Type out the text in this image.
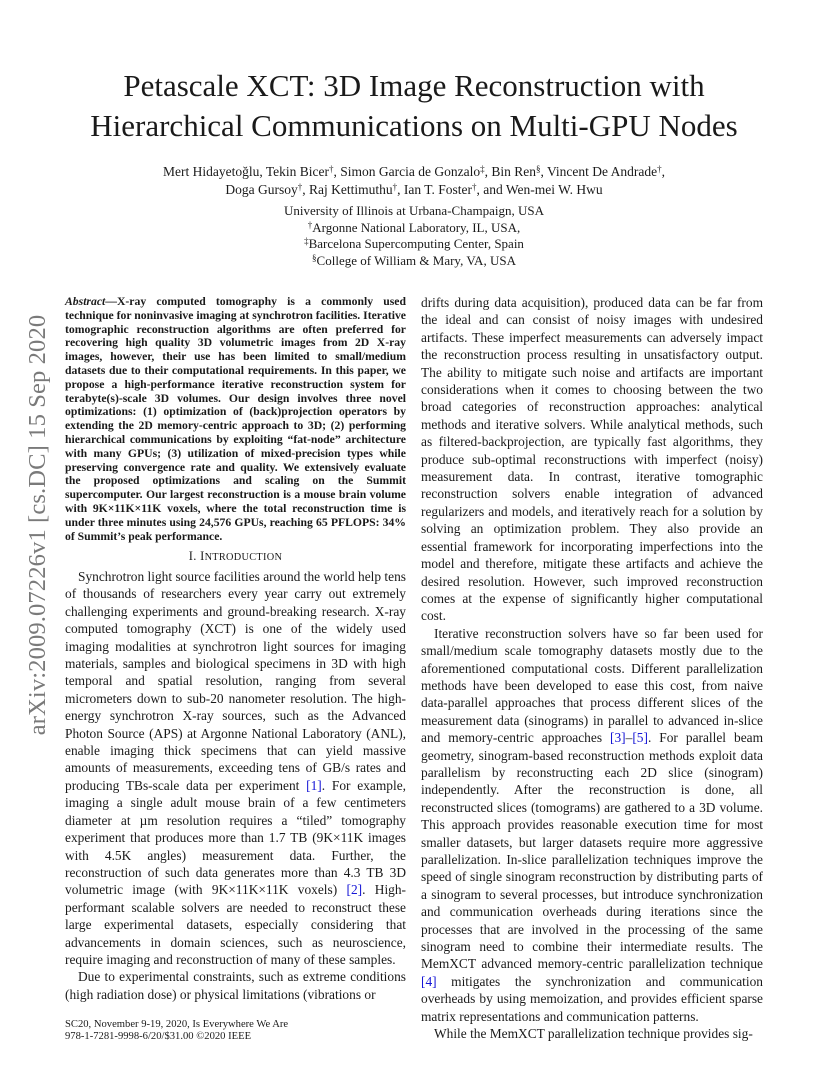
arXiv:2009.07226v1 [cs.DC] 15 Sep 2020
Petascale XCT: 3D Image Reconstruction with
Hierarchical Communications on Multi-GPU Nodes
Mert Hidayetoğlu, Tekin Bicer†, Simon Garcia de Gonzalo‡, Bin Ren§, Vincent De Andrade†,
Doga Gursoy†, Raj Kettimuthu†, Ian T. Foster†, and Wen-mei W. Hwu
University of Illinois at Urbana-Champaign, USA
†Argonne National Laboratory, IL, USA,
‡Barcelona Supercomputing Center, Spain
§College of William & Mary, VA, USA
Abstract—X-ray computed tomography is a commonly used technique for noninvasive imaging at synchrotron facilities. Iterative tomographic reconstruction algorithms are often preferred for recovering high quality 3D volumetric images from 2D X-ray images, however, their use has been limited to small/medium datasets due to their computational requirements. In this paper, we propose a high-performance iterative reconstruction system for terabyte(s)-scale 3D volumes. Our design involves three novel optimizations: (1) optimization of (back)projection operators by extending the 2D memory-centric approach to 3D; (2) performing hierarchical communications by exploiting “fat-node” architecture with many GPUs; (3) utilization of mixed-precision types while preserving convergence rate and quality. We extensively evaluate the proposed optimizations and scaling on the Summit supercomputer. Our largest reconstruction is a mouse brain volume with 9K×11K×11K voxels, where the total reconstruction time is under three minutes using 24,576 GPUs, reaching 65 PFLOPS: 34% of Summit’s peak performance.
I. INTRODUCTION

Synchrotron light source facilities around the world help tens of thousands of researchers every year carry out extremely challenging experiments and ground-breaking research. X-ray computed tomography (XCT) is one of the widely used imaging modalities at synchrotron light sources for imaging materials, samples and biological specimens in 3D with high temporal and spatial resolution, ranging from several micrometers down to sub-20 nanometer resolution. The high-energy synchrotron X-ray sources, such as the Advanced Photon Source (APS) at Argonne National Laboratory (ANL), enable imaging thick specimens that can yield massive amounts of measurements, exceeding tens of GB/s rates and producing TBs-scale data per experiment [1]. For example, imaging a single adult mouse brain of a few centimeters diameter at µm resolution requires a “tiled” tomography experiment that produces more than 1.7 TB (9K×11K images with 4.5K angles) measurement data. Further, the reconstruction of such data generates more than 4.3 TB 3D volumetric image (with 9K×11K×11K voxels) [2]. High-performant scalable solvers are needed to reconstruct these large experimental datasets, especially considering that advancements in domain sciences, such as neuroscience, require imaging and reconstruction of many of these samples.

Due to experimental constraints, such as extreme conditions (high radiation dose) or physical limitations (vibrations or

drifts during data acquisition), produced data can be far from the ideal and can consist of noisy images with undesired artifacts. These imperfect measurements can adversely impact the reconstruction process resulting in unsatisfactory output. The ability to mitigate such noise and artifacts are important considerations when it comes to choosing between the two broad categories of reconstruction approaches: analytical methods and iterative solvers. While analytical methods, such as filtered-backprojection, are typically fast algorithms, they produce sub-optimal reconstructions with imperfect (noisy) measurement data. In contrast, iterative tomographic reconstruction solvers enable integration of advanced regularizers and models, and iteratively reach for a solution by solving an optimization problem. They also provide an essential framework for incorporating imperfections into the model and therefore, mitigate these artifacts and achieve the desired resolution. However, such improved reconstruction comes at the expense of significantly higher computational cost.

Iterative reconstruction solvers have so far been used for small/medium scale tomography datasets mostly due to the aforementioned computational costs. Different parallelization methods have been developed to ease this cost, from naive data-parallel approaches that process different slices of the measurement data (sinograms) in parallel to advanced in-slice and memory-centric approaches [3]–[5]. For parallel beam geometry, sinogram-based reconstruction methods exploit data parallelism by reconstructing each 2D slice (sinogram) independently. After the reconstruction is done, all reconstructed slices (tomograms) are gathered to a 3D volume. This approach provides reasonable execution time for most smaller datasets, but larger datasets require more aggressive parallelization. In-slice parallelization techniques improve the speed of single sinogram reconstruction by distributing parts of a sinogram to several processes, but introduce synchronization and communication overheads during iterations since the processes that are involved in the processing of the same sinogram need to combine their intermediate results. The MemXCT advanced memory-centric parallelization technique [4] mitigates the synchronization and communication overheads by using memoization, and provides efficient sparse matrix representations and communication patterns.

While the MemXCT parallelization technique provides sig-

SC20, November 9-19, 2020, Is Everywhere We Are
978-1-7281-9998-6/20/$31.00 ©2020 IEEE
